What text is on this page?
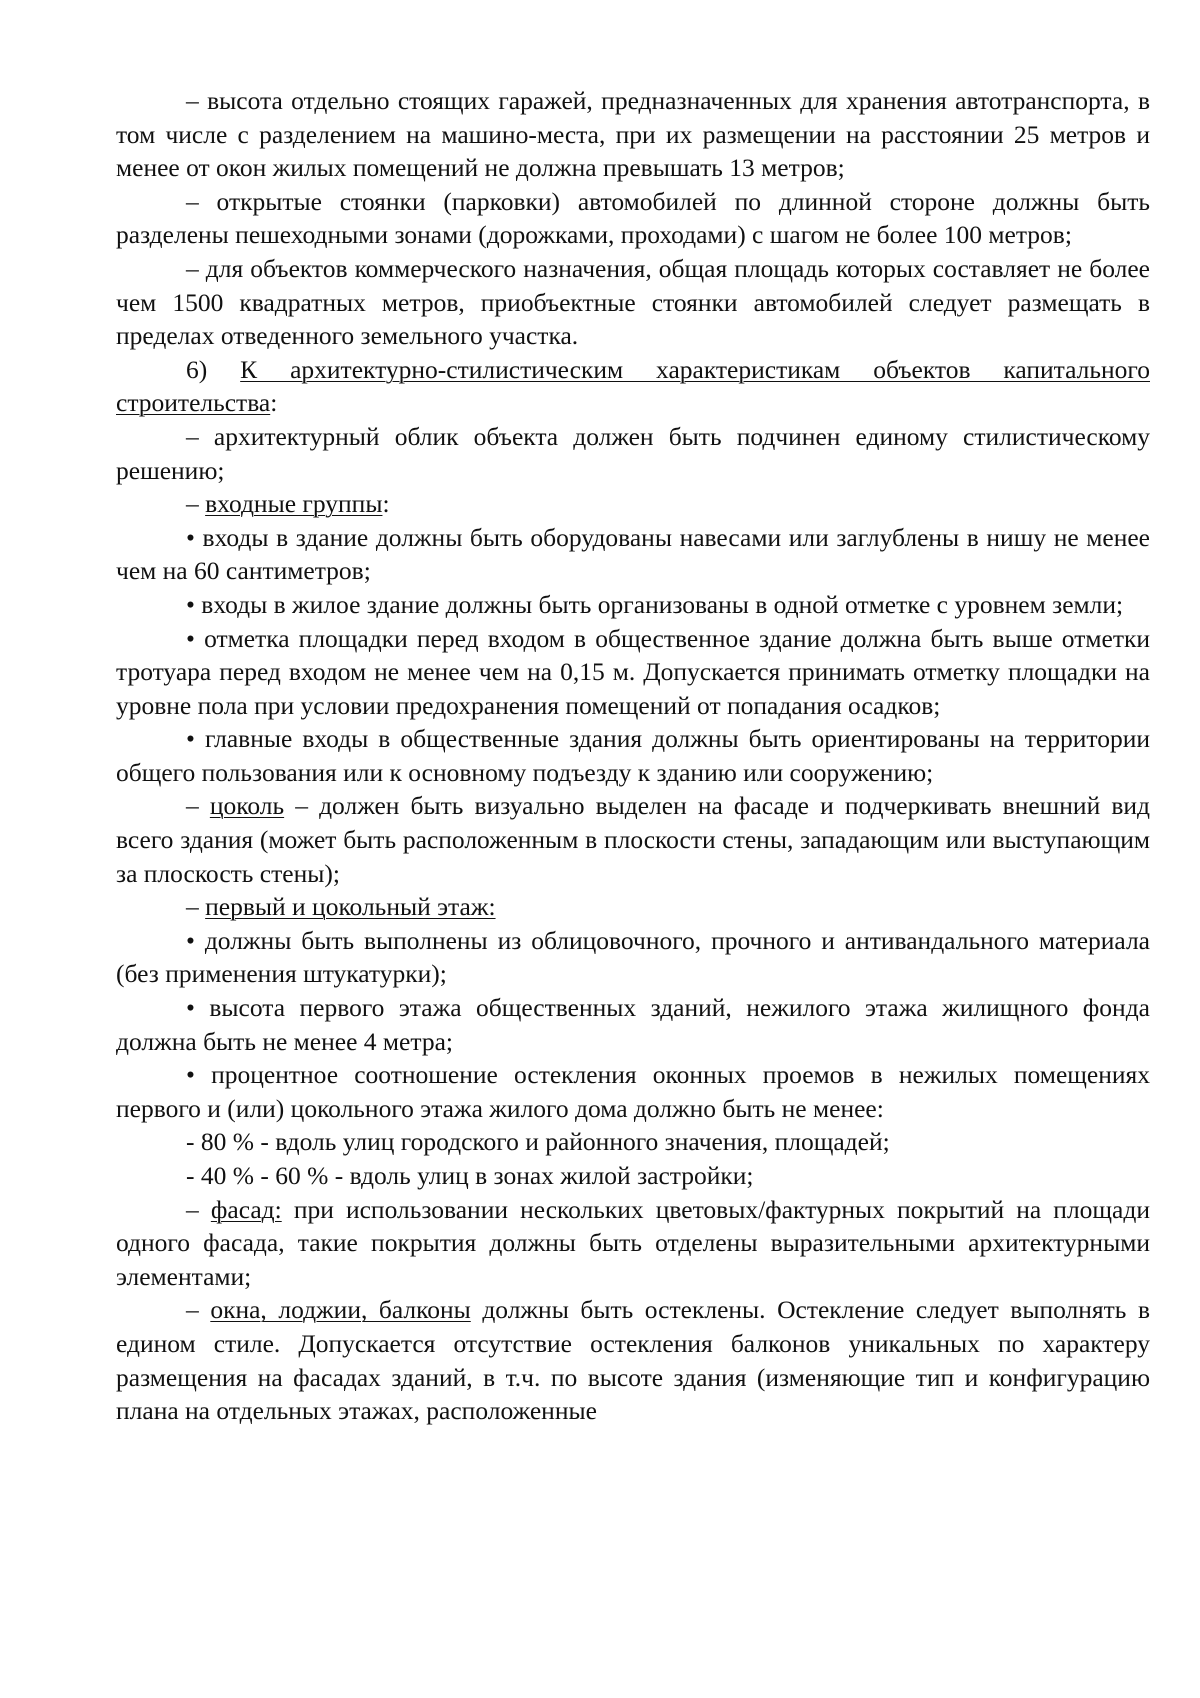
– высота отдельно стоящих гаражей, предназначенных для хранения автотранспорта, в том числе с разделением на машино-места, при их размещении на расстоянии 25 метров и менее от окон жилых помещений не должна превышать 13 метров;

– открытые стоянки (парковки) автомобилей по длинной стороне должны быть разделены пешеходными зонами (дорожками, проходами) с шагом не более 100 метров;

– для объектов коммерческого назначения, общая площадь которых составляет не более чем 1500 квадратных метров, приобъектные стоянки автомобилей следует размещать в пределах отведенного земельного участка.

6) К архитектурно-стилистическим характеристикам объектов капитального строительства:

– архитектурный облик объекта должен быть подчинен единому стилистическому решению;

– входные группы:

• входы в здание должны быть оборудованы навесами или заглублены в нишу не менее чем на 60 сантиметров;

• входы в жилое здание должны быть организованы в одной отметке с уровнем земли;

• отметка площадки перед входом в общественное здание должна быть выше отметки тротуара перед входом не менее чем на 0,15 м. Допускается принимать отметку площадки на уровне пола при условии предохранения помещений от попадания осадков;

• главные входы в общественные здания должны быть ориентированы на территории общего пользования или к основному подъезду к зданию или сооружению;

– цоколь – должен быть визуально выделен на фасаде и подчеркивать внешний вид всего здания (может быть расположенным в плоскости стены, западающим или выступающим за плоскость стены);

– первый и цокольный этаж:

• должны быть выполнены из облицовочного, прочного и антивандального материала (без применения штукатурки);

• высота первого этажа общественных зданий, нежилого этажа жилищного фонда должна быть не менее 4 метра;

• процентное соотношение остекления оконных проемов в нежилых помещениях первого и (или) цокольного этажа жилого дома должно быть не менее:

- 80 % - вдоль улиц городского и районного значения, площадей;

- 40 % - 60 % - вдоль улиц в зонах жилой застройки;

– фасад: при использовании нескольких цветовых/фактурных покрытий на площади одного фасада, такие покрытия должны быть отделены выразительными архитектурными элементами;

– окна, лоджии, балконы должны быть остеклены. Остекление следует выполнять в едином стиле. Допускается отсутствие остекления балконов уникальных по характеру размещения на фасадах зданий, в т.ч. по высоте здания (изменяющие тип и конфигурацию плана на отдельных этажах, расположенные
